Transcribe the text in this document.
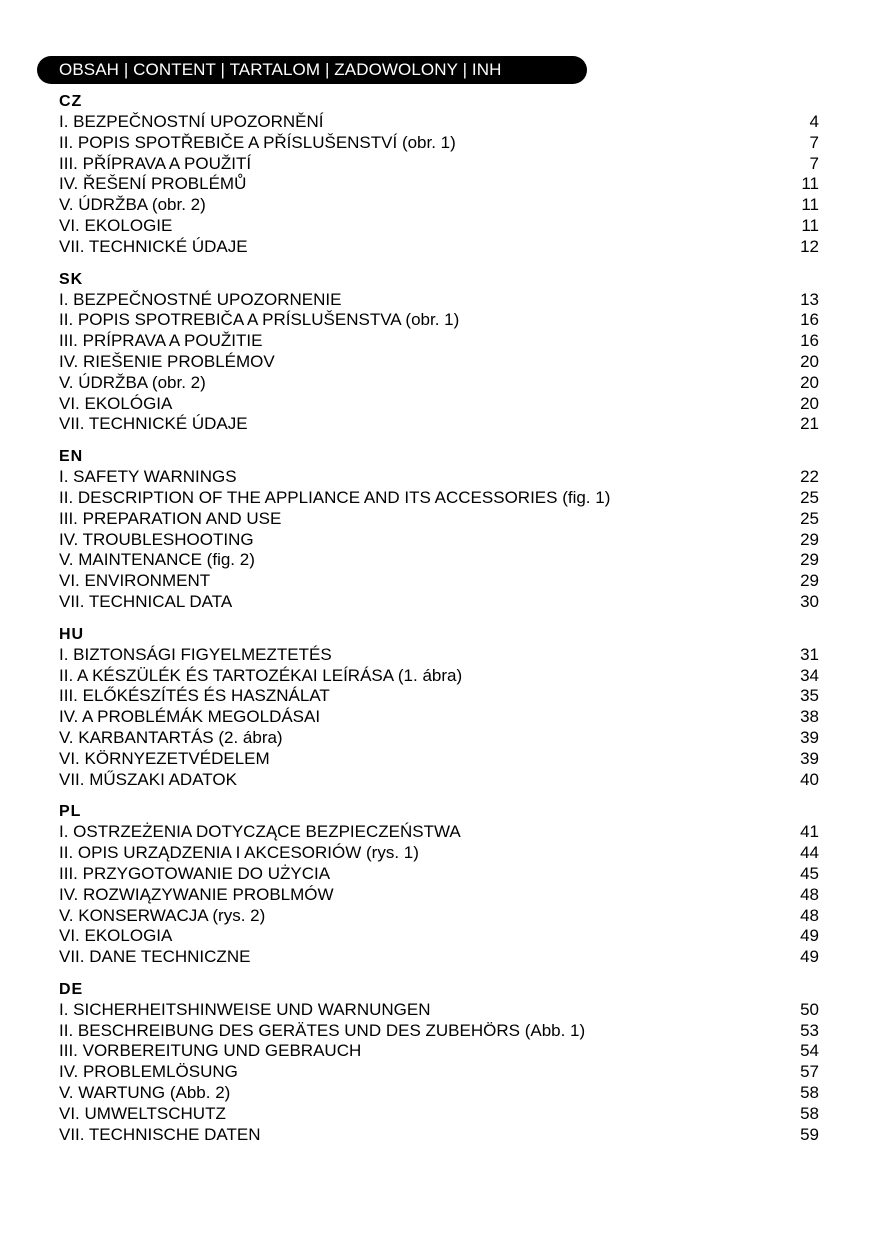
OBSAH | CONTENT | TARTALOM | ZADOWOLONY | INH
CZ
I. BEZPEČNOSTNÍ UPOZORNĚNÍ	4
II. POPIS SPOTŘEBIČE A PŘÍSLUŠENSTVÍ (obr. 1)	7
III. PŘÍPRAVA A POUŽITÍ	7
IV. ŘEŠENÍ PROBLÉMŮ	11
V. ÚDRŽBA (obr. 2)	11
VI. EKOLOGIE	11
VII. TECHNICKÉ ÚDAJE	12
SK
I. BEZPEČNOSTNÉ UPOZORNENIE	13
II. POPIS SPOTREBIČA A PRÍSLUŠENSTVA (obr. 1)	16
III. PRÍPRAVA A POUŽITIE	16
IV. RIEŠENIE PROBLÉMOV	20
V. ÚDRŽBA (obr. 2)	20
VI. EKOLÓGIA	20
VII. TECHNICKÉ ÚDAJE	21
EN
I. SAFETY WARNINGS	22
II. DESCRIPTION OF THE APPLIANCE AND ITS ACCESSORIES (fig. 1)	25
III. PREPARATION AND USE	25
IV. TROUBLESHOOTING	29
V. MAINTENANCE (fig. 2)	29
VI. ENVIRONMENT	29
VII. TECHNICAL DATA	30
HU
I. BIZTONSÁGI FIGYELMEZTETÉS	31
II. A KÉSZÜLÉK ÉS TARTOZÉKAI LEÍRÁSA (1. ábra)	34
III. ELŐKÉSZÍTÉS ÉS HASZNÁLAT	35
IV. A PROBLÉMÁK MEGOLDÁSAI	38
V. KARBANTARTÁS (2. ábra)	39
VI. KÖRNYEZETVÉDELEM	39
VII. MŰSZAKI ADATOK	40
PL
I. OSTRZEŻENIA DOTYCZĄCE BEZPIECZEŃSTWA	41
II. OPIS URZĄDZENIA I AKCESORIÓW (rys. 1)	44
III. PRZYGOTOWANIE DO UŻYCIA	45
IV. ROZWIĄZYWANIE PROBLMÓW	48
V. KONSERWACJA (rys. 2)	48
VI. EKOLOGIA	49
VII. DANE TECHNICZNE	49
DE
I. SICHERHEITSHINWEISE UND WARNUNGEN	50
II. BESCHREIBUNG DES GERÄTES UND DES ZUBEHÖRS (Abb. 1)	53
III. VORBEREITUNG UND GEBRAUCH	54
IV. PROBLEMLÖSUNG	57
V. WARTUNG (Abb. 2)	58
VI. UMWELTSCHUTZ	58
VII. TECHNISCHE DATEN	59
